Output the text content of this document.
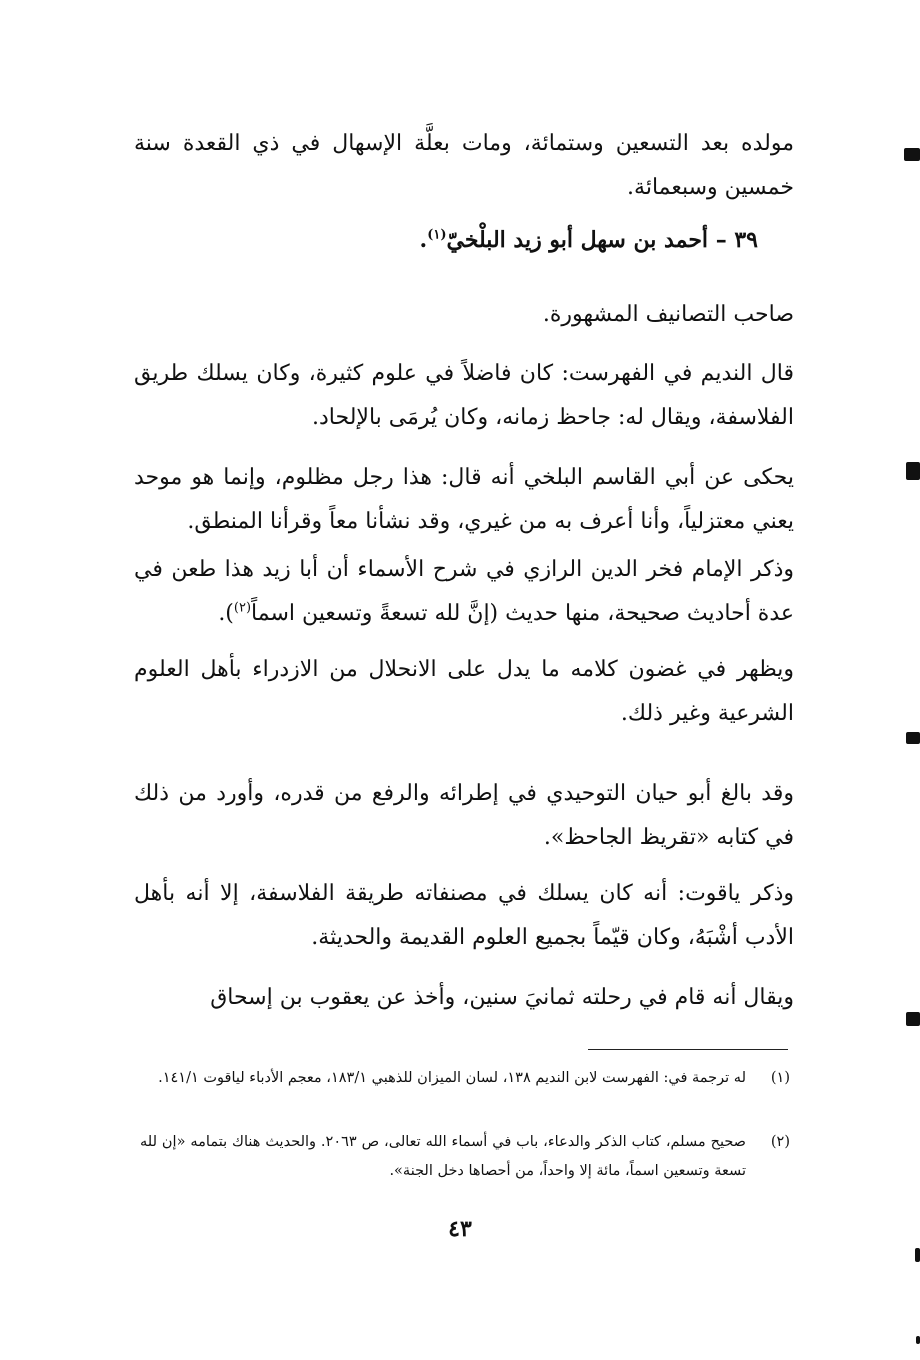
مولده بعد التسعين وستمائة، ومات بعلَّة الإسهال في ذي القعدة سنة خمسين وسبعمائة.

٣٩ – أحمد بن سهل أبو زيد البلْخيّ$^{(١)}$.

صاحب التصانيف المشهورة.

قال النديم في الفهرست: كان فاضلاً في علوم كثيرة، وكان يسلك طريق الفلاسفة، ويقال له: جاحظ زمانه، وكان يُرمَى بالإلحاد.

يحكى عن أبي القاسم البلخي أنه قال: هذا رجل مظلوم، وإنما هو موحد يعني معتزلياً، وأنا أعرف به من غيري، وقد نشأنا معاً وقرأنا المنطق.

وذكر الإمام فخر الدين الرازي في شرح الأسماء أن أبا زيد هذا طعن في عدة أحاديث صحيحة، منها حديث (إنَّ لله تسعةً وتسعين اسماً$^{(٢)}$).

ويظهر في غضون كلامه ما يدل على الانحلال من الازدراء بأهل العلوم الشرعية وغير ذلك.

وقد بالغ أبو حيان التوحيدي في إطرائه والرفع من قدره، وأورد من ذلك في كتابه «تقريظ الجاحظ».

وذكر ياقوت: أنه كان يسلك في مصنفاته طريقة الفلاسفة، إلا أنه بأهل الأدب أشْبَهُ، وكان قيّماً بجميع العلوم القديمة والحديثة.

ويقال أنه قام في رحلته ثمانيَ سنين، وأخذ عن يعقوب بن إسحاق

(١)
له ترجمة في: الفهرست لابن النديم ١٣٨، لسان الميزان للذهبي ١٨٣/١، معجم الأدباء لياقوت ١٤١/١.
(٢)
صحيح مسلم، كتاب الذكر والدعاء، باب في أسماء الله تعالى، ص ٢٠٦٣. والحديث هناك بتمامه «إن لله تسعة وتسعين اسماً، مائة إلا واحداً، من أحصاها دخل الجنة».
٤٣
